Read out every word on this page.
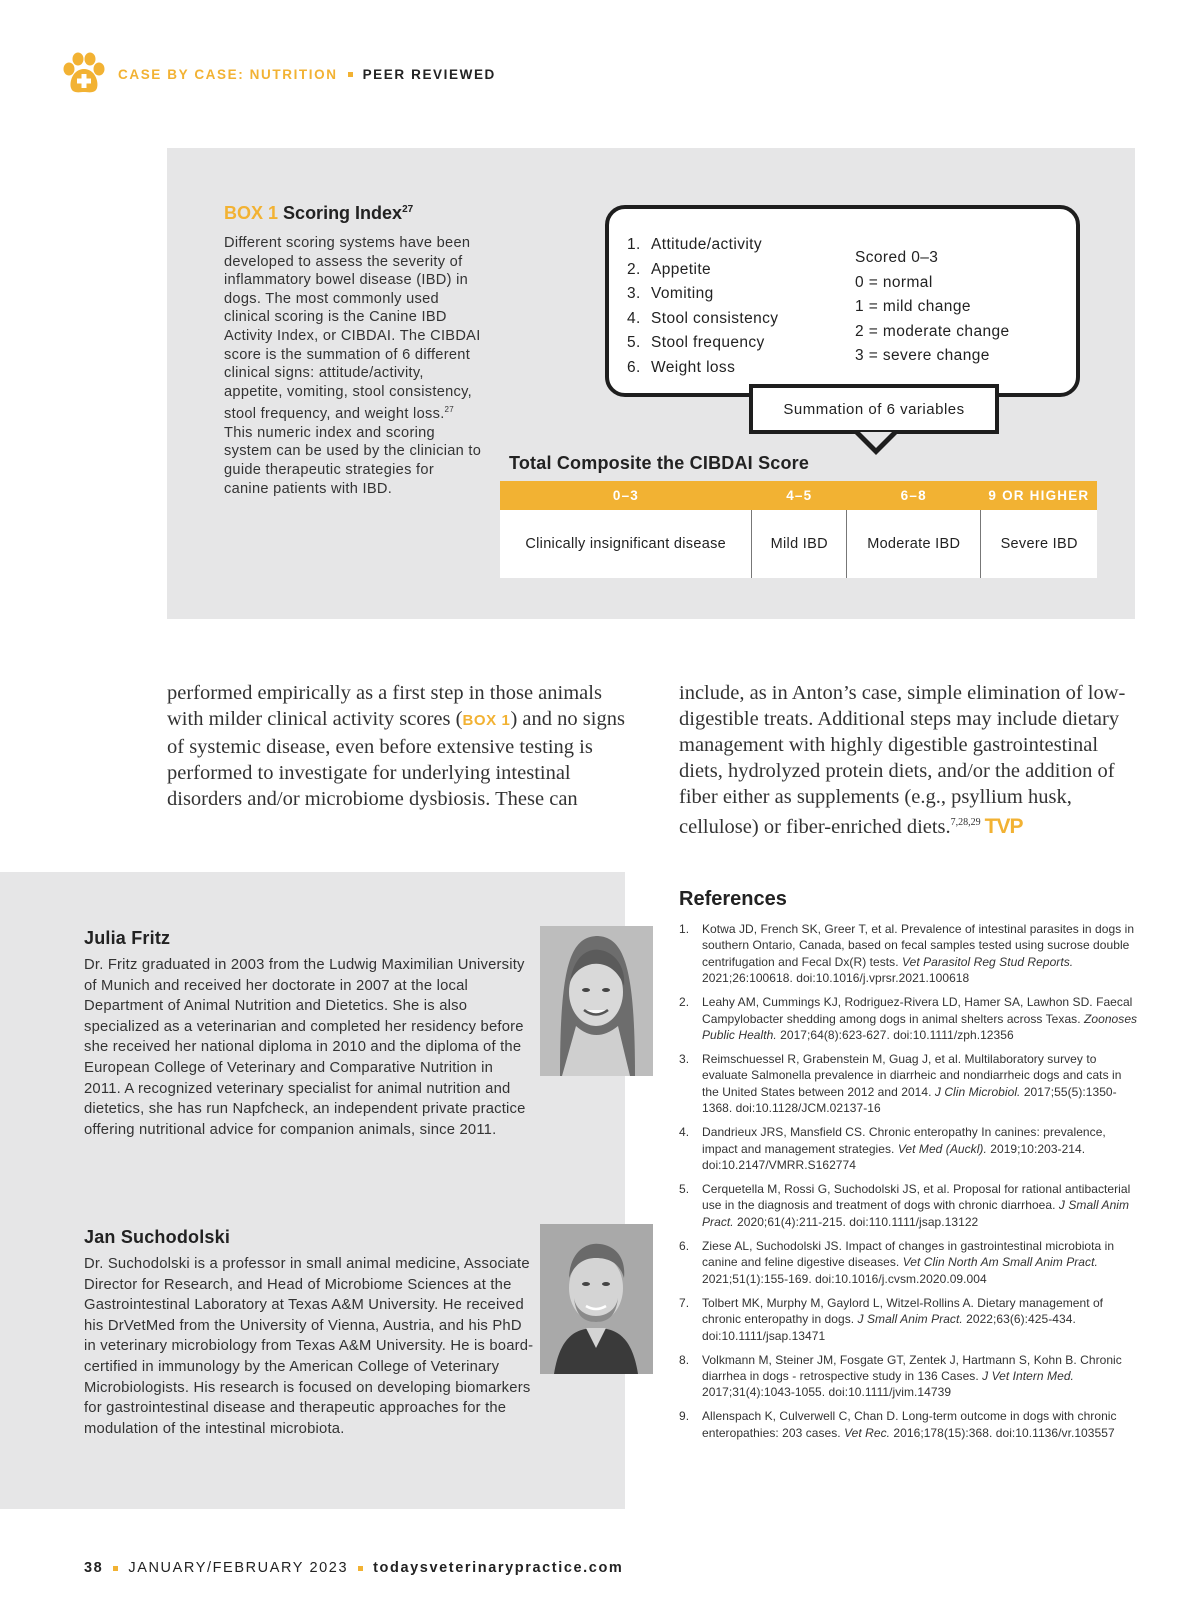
CASE BY CASE: NUTRITION PEER REVIEWED
BOX 1 Scoring Index$^{27}$
Different scoring systems have been developed to assess the severity of inflammatory bowel disease (IBD) in dogs. The most commonly used clinical scoring is the Canine IBD Activity Index, or CIBDAI. The CIBDAI score is the summation of 6 different clinical signs: attitude/activity, appetite, vomiting, stool consistency, stool frequency, and weight loss.$^{27}$ This numeric index and scoring system can be used by the clinician to guide therapeutic strategies for canine patients with IBD.
1. Attitude/activity
2. Appetite
3. Vomiting
4. Stool consistency
5. Stool frequency
6. Weight loss
Scored 0–3
0 = normal
1 = mild change
2 = moderate change
3 = severe change
Summation of 6 variables
Total Composite the CIBDAI Score
0–3	4–5	6–8	9 OR HIGHER

Clinically insignificant disease	Mild IBD	Moderate IBD	Severe IBD
performed empirically as a first step in those animals with milder clinical activity scores (BOX 1) and no signs of systemic disease, even before extensive testing is performed to investigate for underlying intestinal disorders and/or microbiome dysbiosis. These can
include, as in Anton’s case, simple elimination of low-digestible treats. Additional steps may include dietary management with highly digestible gastrointestinal diets, hydrolyzed protein diets, and/or the addition of fiber either as supplements (e.g., psyllium husk, cellulose) or fiber-enriched diets.$^{7,28,29}$ TVP
Julia Fritz

Dr. Fritz graduated in 2003 from the Ludwig Maximilian University of Munich and received her doctorate in 2007 at the local Department of Animal Nutrition and Dietetics. She is also specialized as a veterinarian and completed her residency before she received her national diploma in 2010 and the diploma of the European College of Veterinary and Comparative Nutrition in 2011. A recognized veterinary specialist for animal nutrition and dietetics, she has run Napfcheck, an independent private practice offering nutritional advice for companion animals, since 2011.

Jan Suchodolski

Dr. Suchodolski is a professor in small animal medicine, Associate Director for Research, and Head of Microbiome Sciences at the Gastrointestinal Laboratory at Texas A&M University. He received his DrVetMed from the University of Vienna, Austria, and his PhD in veterinary microbiology from Texas A&M University. He is board-certified in immunology by the American College of Veterinary Microbiologists. His research is focused on developing biomarkers for gastrointestinal disease and therapeutic approaches for the modulation of the intestinal microbiota.

References
1. Kotwa JD, French SK, Greer T, et al. Prevalence of intestinal parasites in dogs in southern Ontario, Canada, based on fecal samples tested using sucrose double centrifugation and Fecal Dx(R) tests. Vet Parasitol Reg Stud Reports. 2021;26:100618. doi:10.1016/j.vprsr.2021.100618
2. Leahy AM, Cummings KJ, Rodriguez-Rivera LD, Hamer SA, Lawhon SD. Faecal Campylobacter shedding among dogs in animal shelters across Texas. Zoonoses Public Health. 2017;64(8):623-627. doi:10.1111/zph.12356
3. Reimschuessel R, Grabenstein M, Guag J, et al. Multilaboratory survey to evaluate Salmonella prevalence in diarrheic and nondiarrheic dogs and cats in the United States between 2012 and 2014. J Clin Microbiol. 2017;55(5):1350-1368. doi:10.1128/JCM.02137-16
4. Dandrieux JRS, Mansfield CS. Chronic enteropathy In canines: prevalence, impact and management strategies. Vet Med (Auckl). 2019;10:203-214. doi:10.2147/VMRR.S162774
5. Cerquetella M, Rossi G, Suchodolski JS, et al. Proposal for rational antibacterial use in the diagnosis and treatment of dogs with chronic diarrhoea. J Small Anim Pract. 2020;61(4):211-215. doi:110.1111/jsap.13122
6. Ziese AL, Suchodolski JS. Impact of changes in gastrointestinal microbiota in canine and feline digestive diseases. Vet Clin North Am Small Anim Pract. 2021;51(1):155-169. doi:10.1016/j.cvsm.2020.09.004
7. Tolbert MK, Murphy M, Gaylord L, Witzel-Rollins A. Dietary management of chronic enteropathy in dogs. J Small Anim Pract. 2022;63(6):425-434. doi:10.1111/jsap.13471
8. Volkmann M, Steiner JM, Fosgate GT, Zentek J, Hartmann S, Kohn B. Chronic diarrhea in dogs - retrospective study in 136 Cases. J Vet Intern Med. 2017;31(4):1043-1055. doi:10.1111/jvim.14739
9. Allenspach K, Culverwell C, Chan D. Long-term outcome in dogs with chronic enteropathies: 203 cases. Vet Rec. 2016;178(15):368. doi:10.1136/vr.103557
38 JANUARY/FEBRUARY 2023 todaysveterinarypractice.com
